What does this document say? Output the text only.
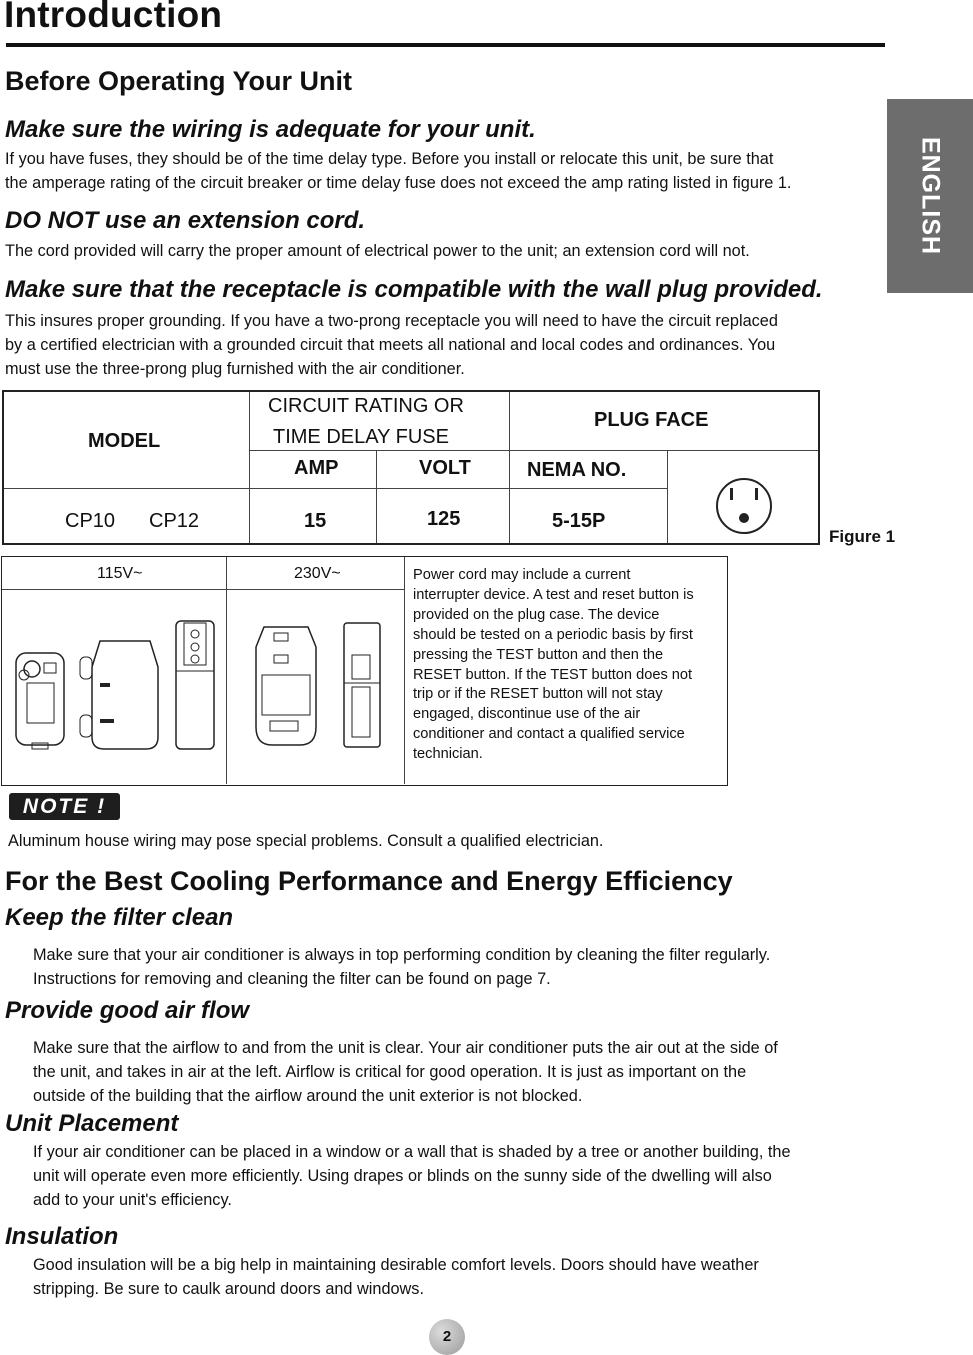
Introduction
ENGLISH
Before Operating Your Unit
Make sure the wiring is adequate for your unit.
If you have fuses, they should be of the time delay type. Before you install or relocate this unit, be sure that
the amperage rating of the circuit breaker or time delay fuse does not exceed the amp rating listed in figure 1.
DO NOT use an extension cord.
The cord provided will carry the proper amount of electrical power to the unit; an extension cord will not.
Make sure that the receptacle is compatible with the wall plug provided.
This insures proper grounding. If you have a two-prong receptacle you will need to have the circuit replaced
by a certified electrician with a grounded circuit that meets all national and local codes and ordinances. You
must use the three-prong plug furnished with the air conditioner.
MODEL
CIRCUIT RATING OR
TIME DELAY FUSE
PLUG FACE
AMP	VOLT	NEMA NO.
CP10 CP12	15	125	5-15P
Figure 1
115V~	230V~	Power cord may include a current
interrupter device. A test and reset button is
provided on the plug case. The device
should be tested on a periodic basis by first
pressing the TEST button and then the
RESET button. If the TEST button does not
trip or if the RESET button will not stay
engaged, discontinue use of the air
conditioner and contact a qualified service
technician.
NOTE !
Aluminum house wiring may pose special problems. Consult a qualified electrician.
For the Best Cooling Performance and Energy Efficiency
Keep the filter clean
Make sure that your air conditioner is always in top performing condition by cleaning the filter regularly.
Instructions for removing and cleaning the filter can be found on page 7.
Provide good air flow
Make sure that the airflow to and from the unit is clear. Your air conditioner puts the air out at the side of
the unit, and takes in air at the left. Airflow is critical for good operation. It is just as important on the
outside of the building that the airflow around the unit exterior is not blocked.
Unit Placement
If your air conditioner can be placed in a window or a wall that is shaded by a tree or another building, the
unit will operate even more efficiently. Using drapes or blinds on the sunny side of the dwelling will also
add to your unit's efficiency.
Insulation
Good insulation will be a big help in maintaining desirable comfort levels. Doors should have weather
stripping. Be sure to caulk around doors and windows.
2
